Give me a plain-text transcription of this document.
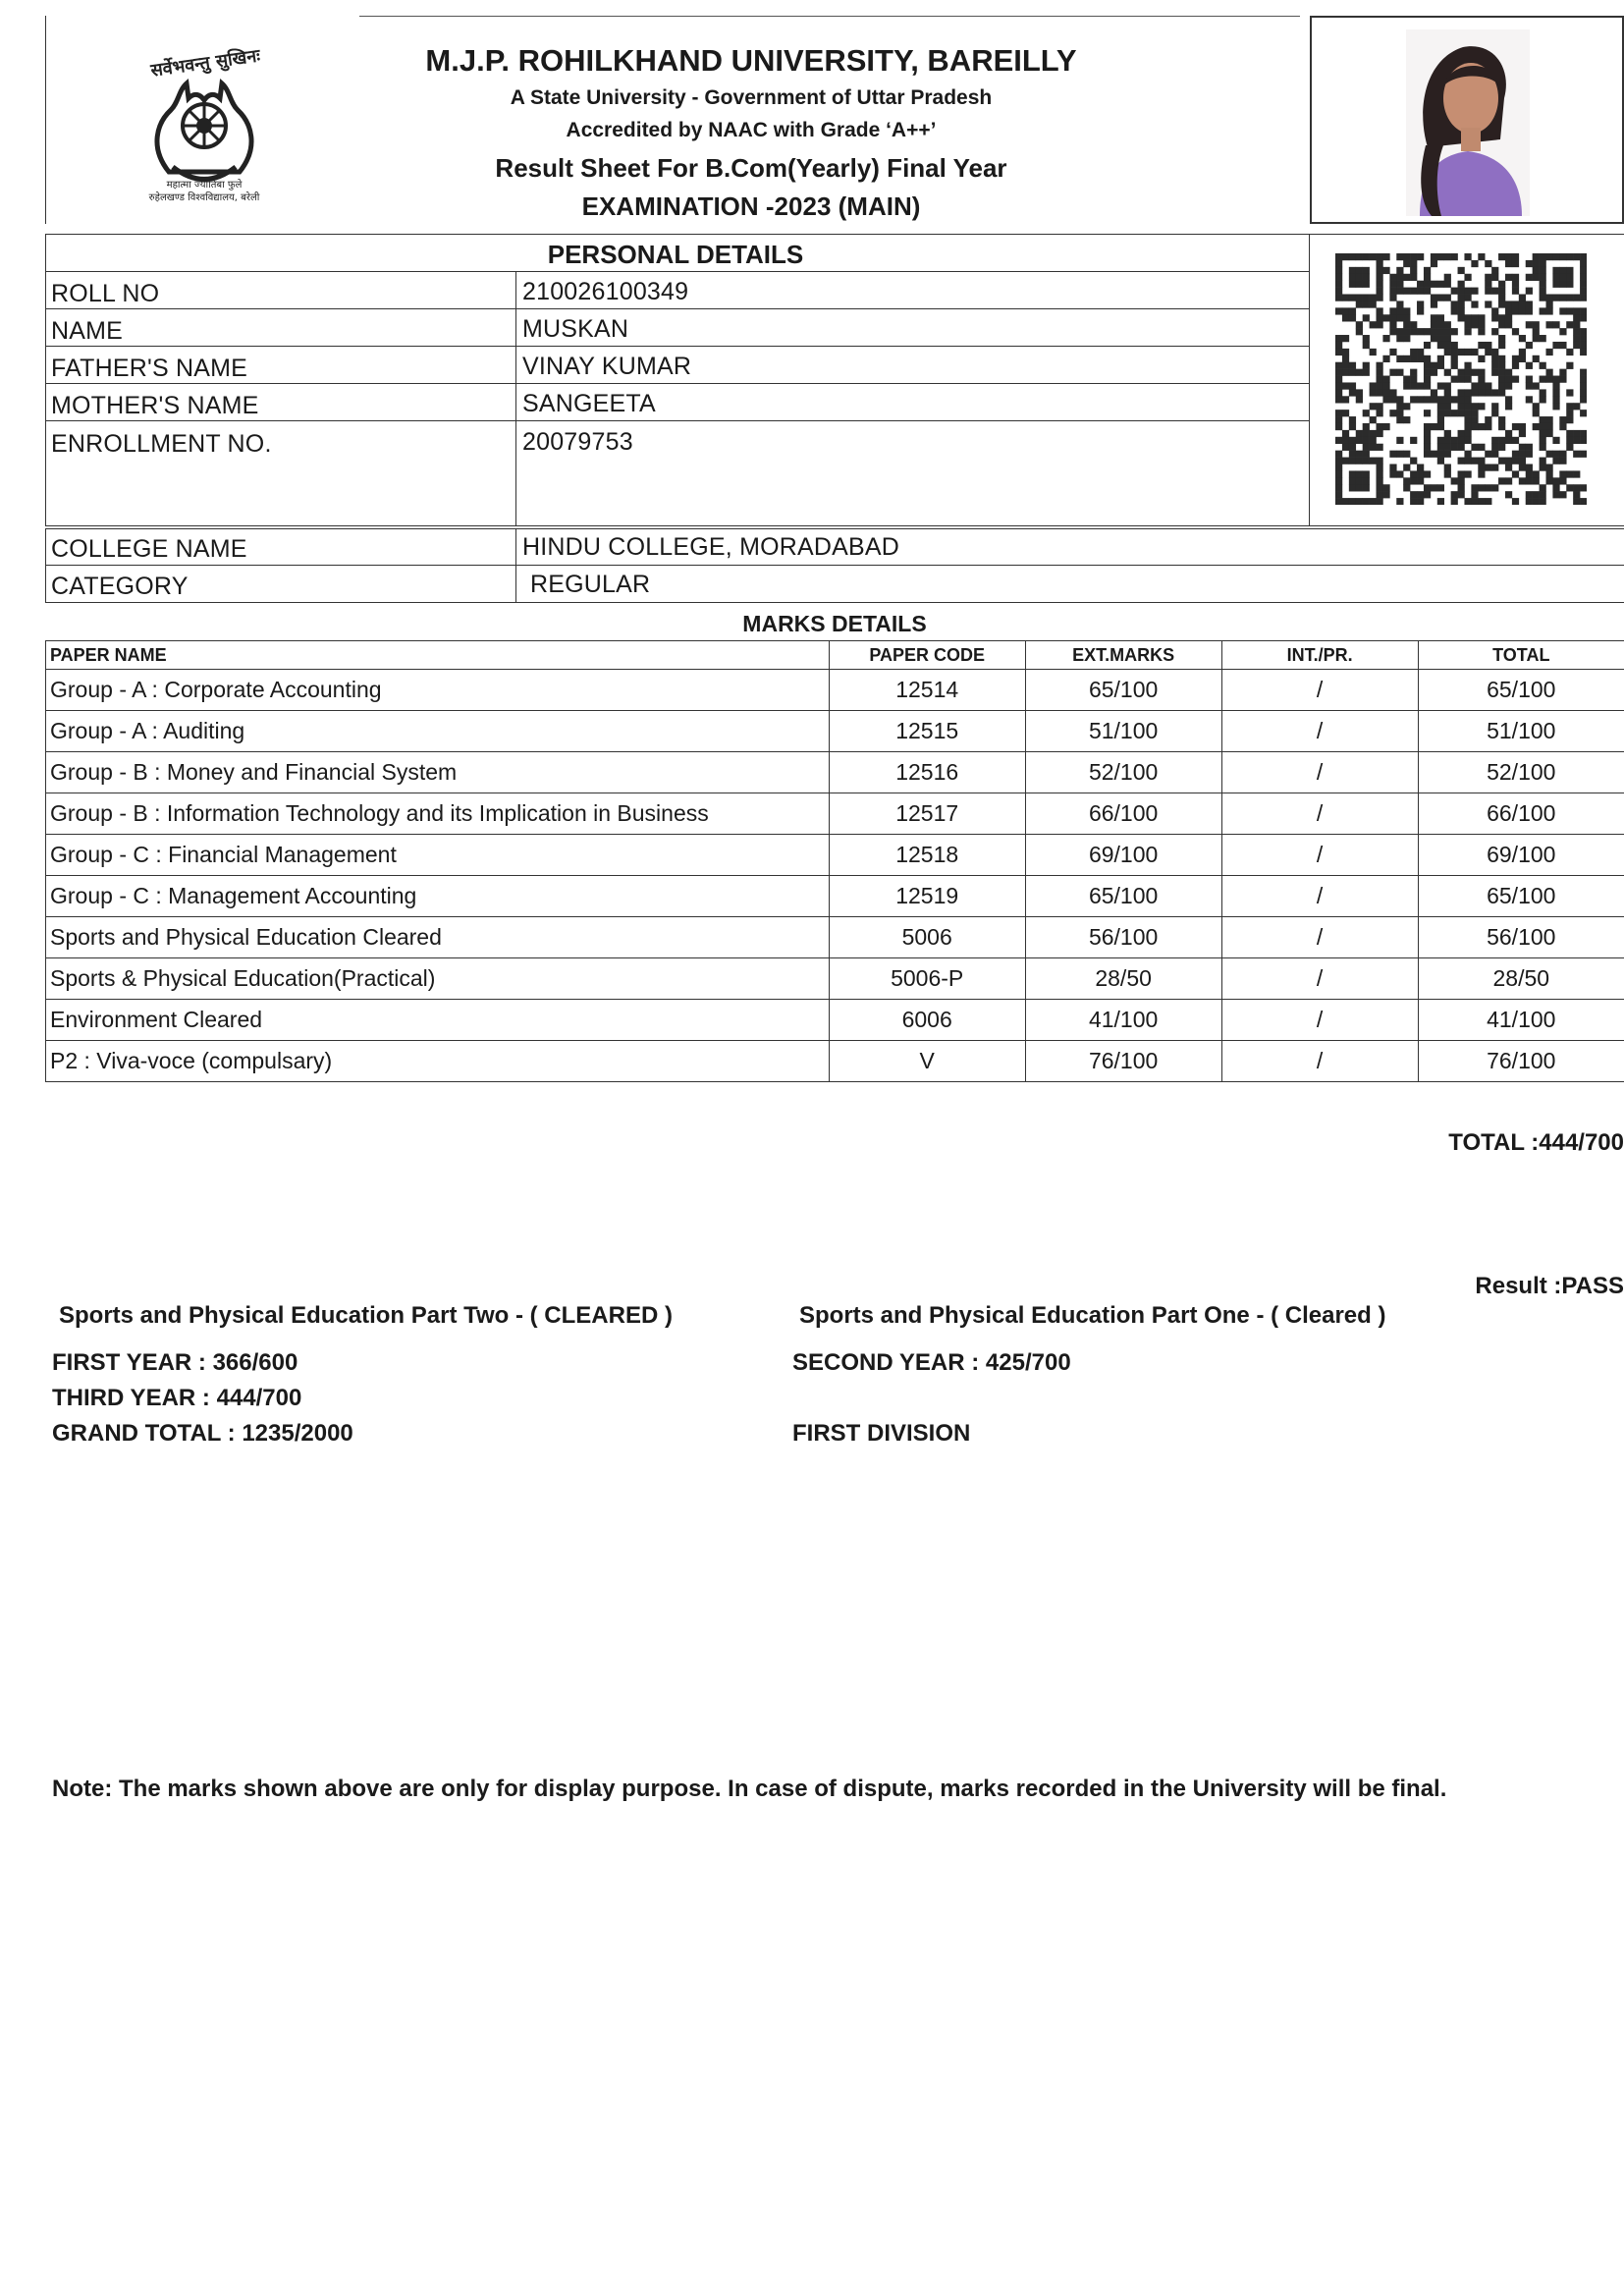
सर्वेभवन्तु सुखिनः
महात्मा ज्योतिबा फुले
रुहेलखण्ड विश्वविद्यालय, बरेली
M.J.P. ROHILKHAND UNIVERSITY, BAREILLY
A State University - Government of Uttar Pradesh
Accredited by NAAC with Grade ‘A++’
Result Sheet For B.Com(Yearly) Final Year
EXAMINATION -2023 (MAIN)
PERSONAL DETAILS
ROLL NO	210026100349
NAME	MUSKAN
FATHER'S NAME	VINAY KUMAR
MOTHER'S NAME	SANGEETA
ENROLLMENT NO.	20079753
COLLEGE NAME	HINDU COLLEGE, MORADABAD
CATEGORY	REGULAR
MARKS DETAILS
PAPER NAME	PAPER CODE	EXT.MARKS	INT./PR.	TOTAL
Group - A : Corporate Accounting	12514	65/100	/	65/100
Group - A : Auditing	12515	51/100	/	51/100
Group - B : Money and Financial System	12516	52/100	/	52/100
Group - B : Information Technology and its Implication in Business	12517	66/100	/	66/100
Group - C : Financial Management	12518	69/100	/	69/100
Group - C : Management Accounting	12519	65/100	/	65/100
Sports and Physical Education Cleared	5006	56/100	/	56/100
Sports & Physical Education(Practical)	5006-P	28/50	/	28/50
Environment Cleared	6006	41/100	/	41/100
P2 : Viva-voce (compulsary)	V	76/100	/	76/100
TOTAL :444/700
Result :PASS
Sports and Physical Education Part Two - ( CLEARED )	Sports and Physical Education Part One - ( Cleared )
FIRST YEAR : 366/600	SECOND YEAR : 425/700
THIRD YEAR : 444/700
GRAND TOTAL : 1235/2000	FIRST DIVISION
Note: The marks shown above are only for display purpose. In case of dispute, marks recorded in the University will be final.
